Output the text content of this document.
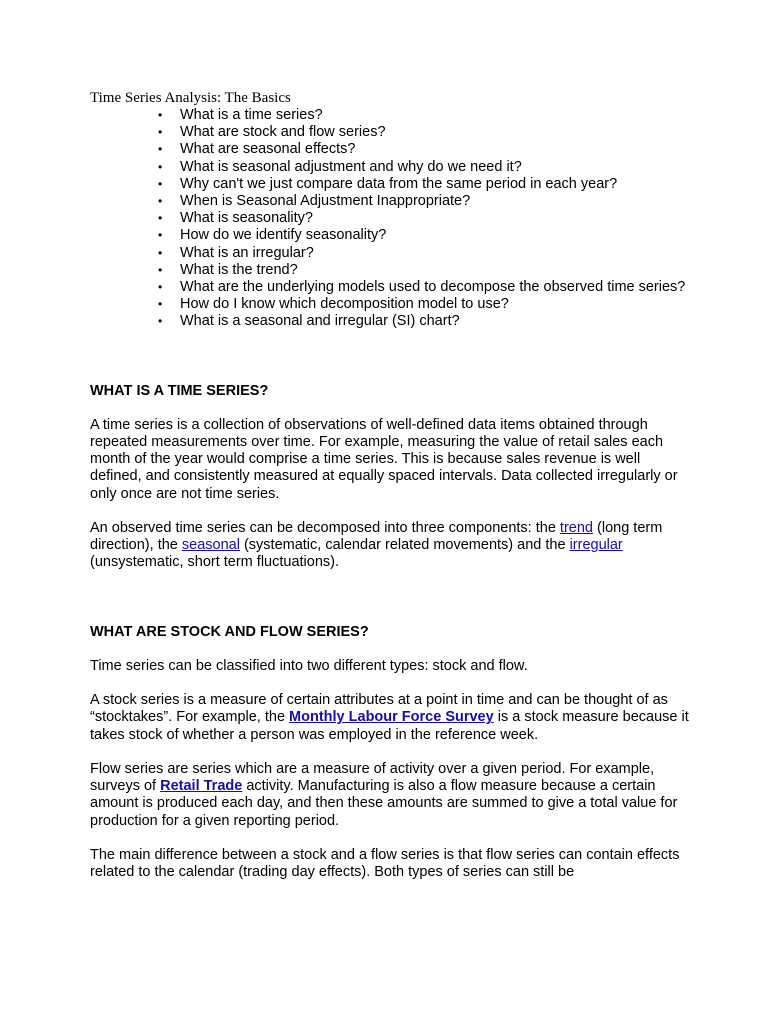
Time Series Analysis: The Basics
• What is a time series?
• What are stock and flow series?
• What are seasonal effects?
• What is seasonal adjustment and why do we need it?
• Why can't we just compare data from the same period in each year?
• When is Seasonal Adjustment Inappropriate?
• What is seasonality?
• How do we identify seasonality?
• What is an irregular?
• What is the trend?
• What are the underlying models used to decompose the observed time series?
• How do I know which decomposition model to use?
• What is a seasonal and irregular (SI) chart?
WHAT IS A TIME SERIES?

A time series is a collection of observations of well-defined data items obtained through repeated measurements over time. For example, measuring the value of retail sales each month of the year would comprise a time series. This is because sales revenue is well defined, and consistently measured at equally spaced intervals. Data collected irregularly or only once are not time series.

An observed time series can be decomposed into three components: the trend (long term direction), the seasonal (systematic, calendar related movements) and the irregular (unsystematic, short term fluctuations).

WHAT ARE STOCK AND FLOW SERIES?

Time series can be classified into two different types: stock and flow.

A stock series is a measure of certain attributes at a point in time and can be thought of as “stocktakes”. For example, the Monthly Labour Force Survey is a stock measure because it takes stock of whether a person was employed in the reference week.

Flow series are series which are a measure of activity over a given period. For example, surveys of Retail Trade activity. Manufacturing is also a flow measure because a certain amount is produced each day, and then these amounts are summed to give a total value for production for a given reporting period.

The main difference between a stock and a flow series is that flow series can contain effects related to the calendar (trading day effects). Both types of series can still be
